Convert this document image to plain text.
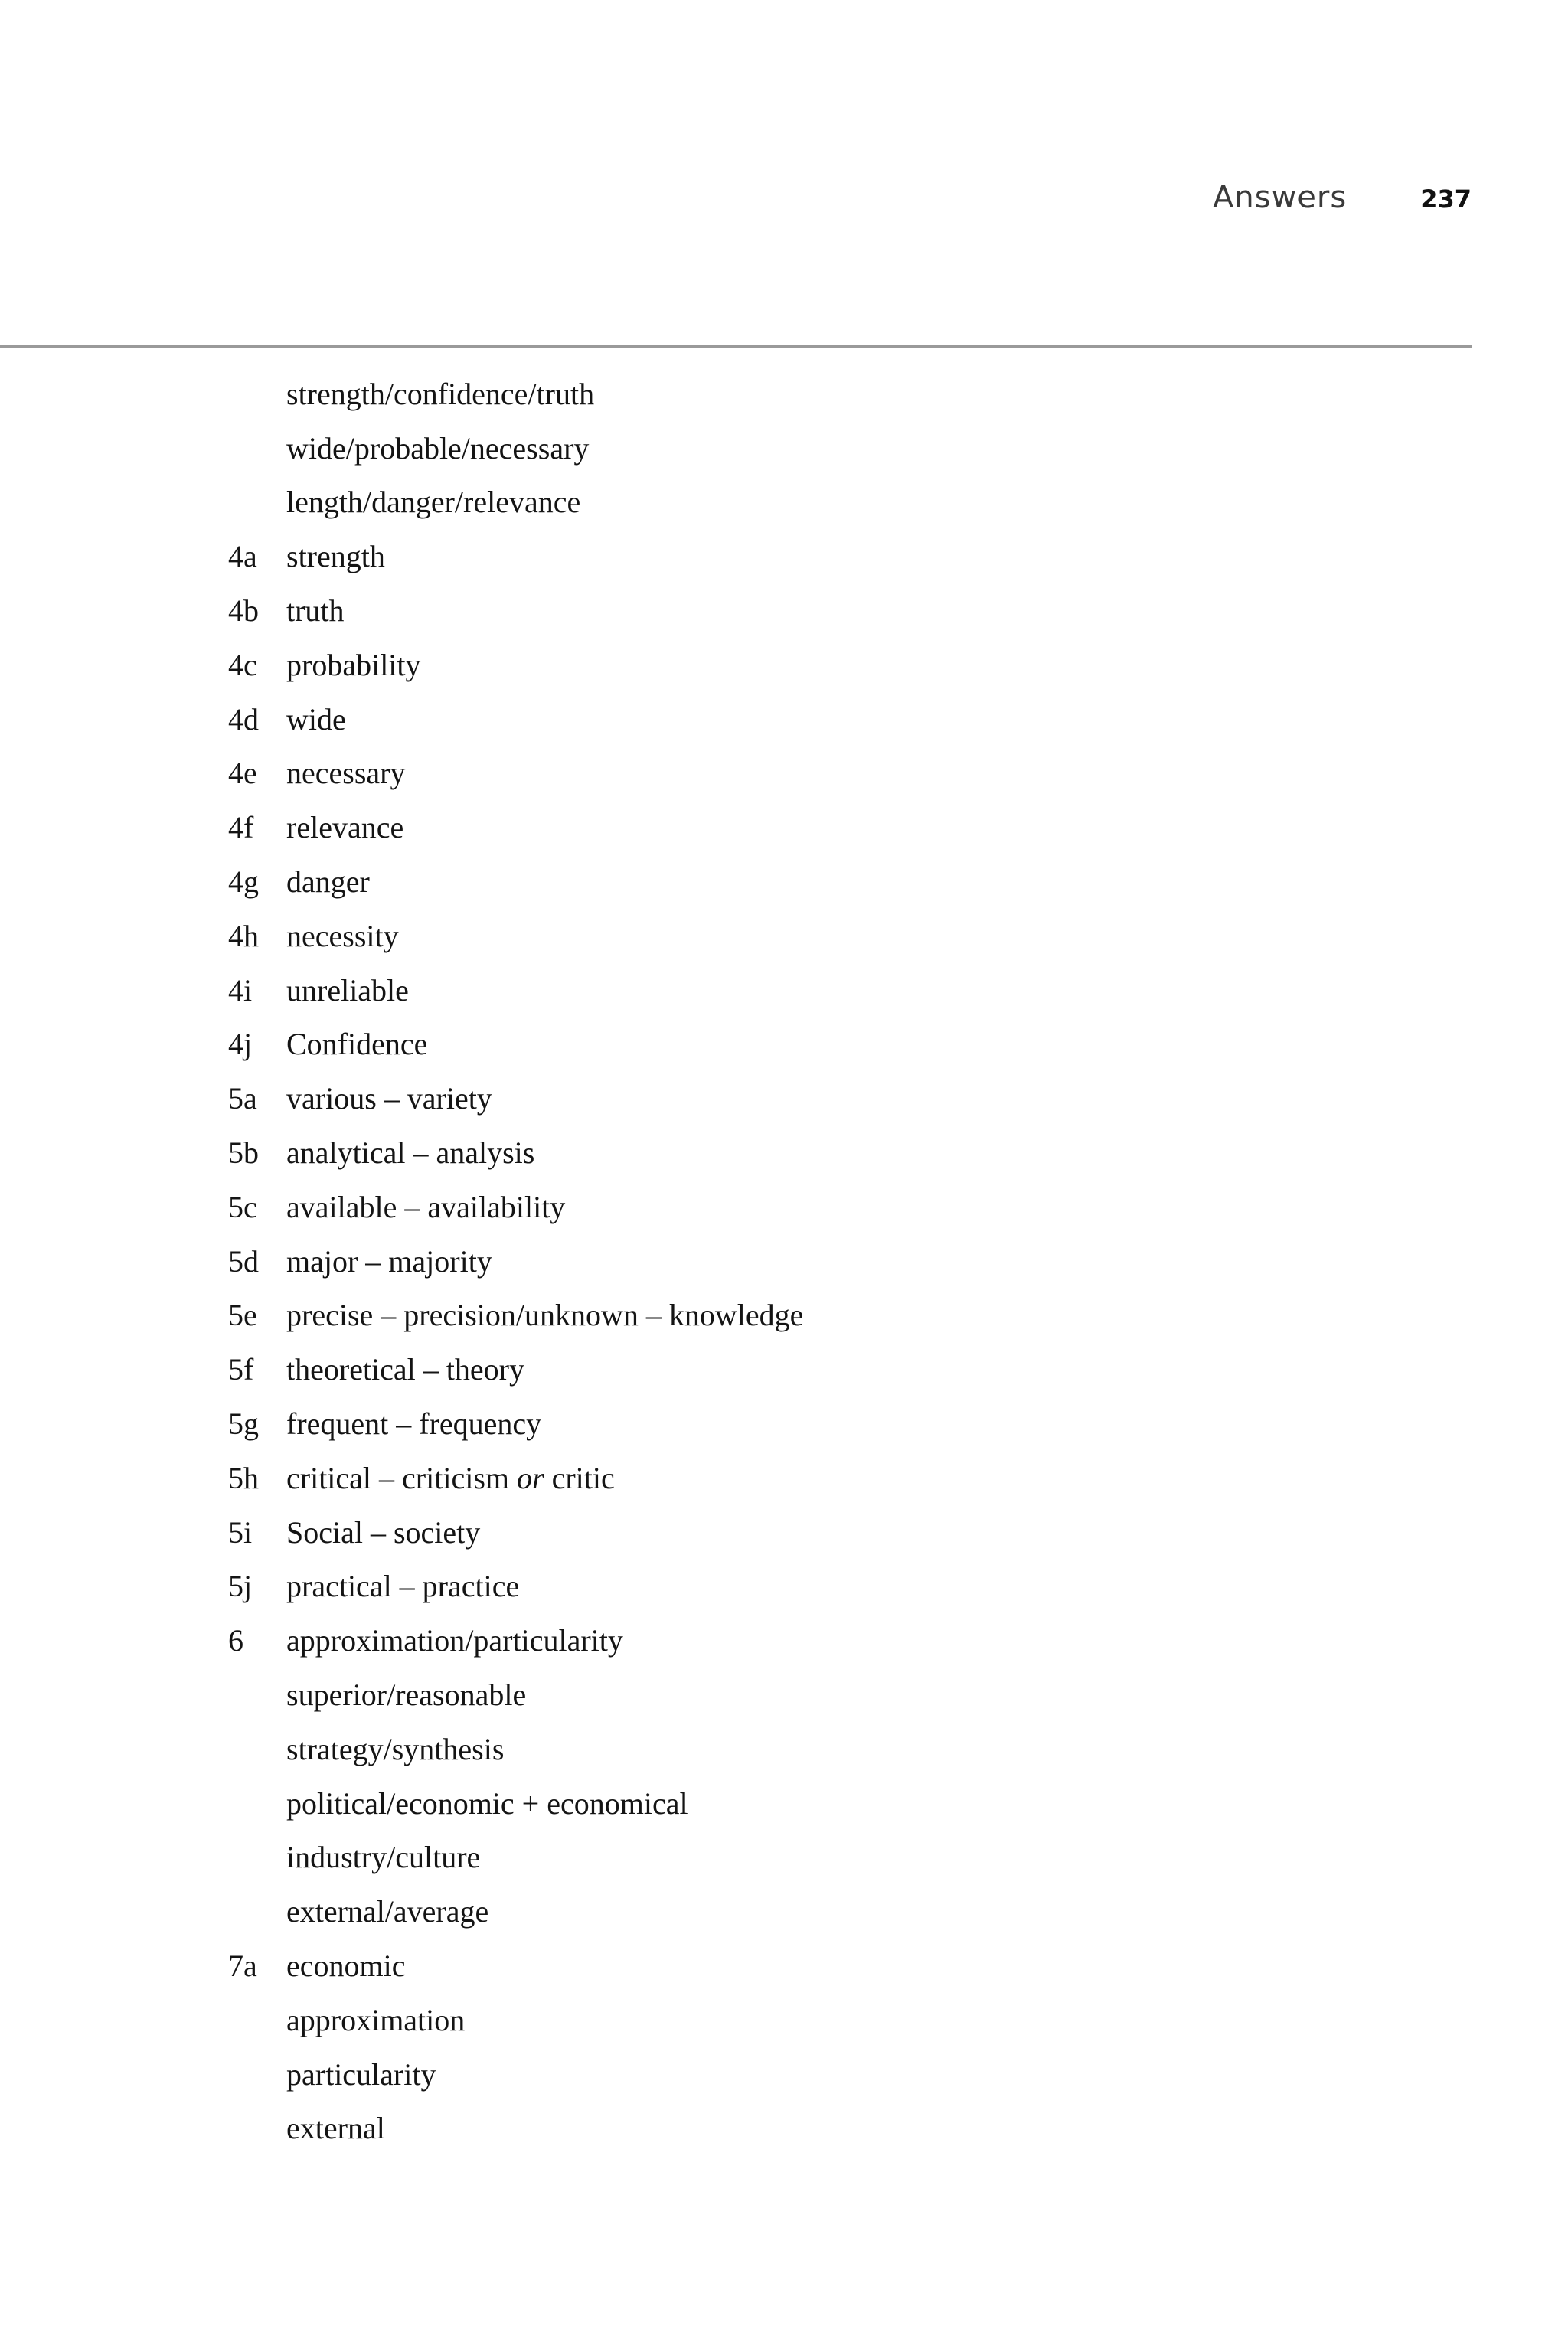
Answers	237
strength/confidence/truth
wide/probable/necessary
length/danger/relevance
4a strength
4b truth
4c probability
4d wide
4e necessary
4f	relevance
4g danger
4h necessity
4i	unreliable
4j	Confidence
5a various – variety
5b analytical – analysis
5c available – availability
5d major – majority
5e precise – precision/unknown – knowledge
5f	theoretical – theory
5g frequent – frequency
5h critical – criticism or critic
5i	Social – society
5j	practical – practice
6	approximation/particularity
superior/reasonable
strategy/synthesis
political/economic + economical
industry/culture
external/average
7a economic
approximation
particularity
external
